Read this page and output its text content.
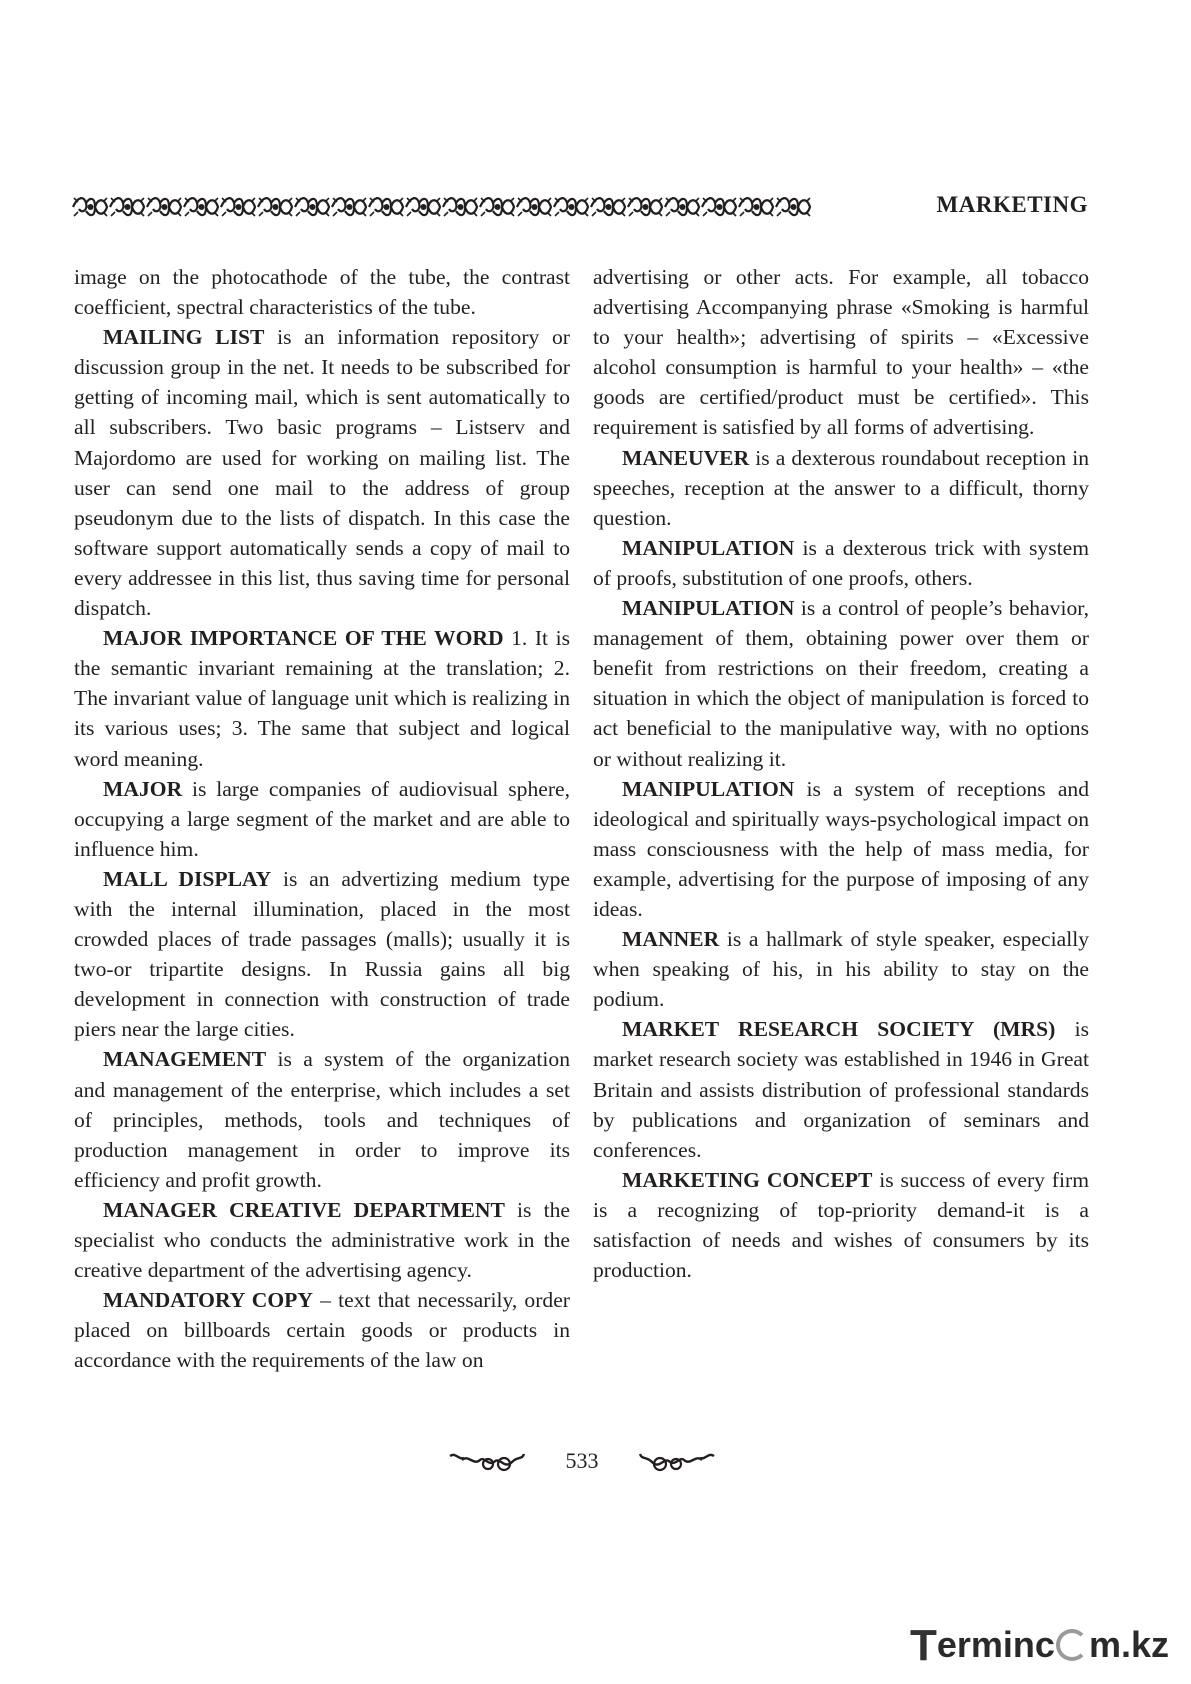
MARKETING

image on the photocathode of the tube, the contrast coefficient, spectral characteristics of the tube.

MAILING LIST is an information repository or discussion group in the net. It needs to be subscribed for getting of incoming mail, which is sent automatically to all subscribers. Two basic programs – Listserv and Majordomo are used for working on mailing list. The user can send one mail to the address of group pseudonym due to the lists of dispatch. In this case the software support automatically sends a copy of mail to every addressee in this list, thus saving time for personal dispatch.

MAJOR IMPORTANCE OF THE WORD 1. It is the semantic invariant remaining at the translation; 2. The invariant value of language unit which is realizing in its various uses; 3. The same that subject and logical word meaning.

MAJOR is large companies of audiovisual sphere, occupying a large segment of the market and are able to influence him.

MALL DISPLAY is an advertizing medium type with the internal illumination, placed in the most crowded places of trade passages (malls); usually it is two-or tripartite designs. In Russia gains all big development in connection with construction of trade piers near the large cities.

MANAGEMENT is a system of the organization and management of the enterprise, which includes a set of principles, methods, tools and techniques of production management in order to improve its efficiency and profit growth.

MANAGER CREATIVE DEPARTMENT is the specialist who conducts the administrative work in the creative department of the advertising agency.

MANDATORY COPY – text that necessarily, order placed on billboards certain goods or products in accordance with the requirements of the law on

advertising or other acts. For example, all tobacco advertising Accompanying phrase «Smoking is harmful to your health»; advertising of spirits – «Excessive alcohol consumption is harmful to your health» – «the goods are certified/product must be certified». This requirement is satisfied by all forms of advertising.

MANEUVER is a dexterous roundabout reception in speeches, reception at the answer to a difficult, thorny question.

MANIPULATION is a dexterous trick with system of proofs, substitution of one proofs, others.

MANIPULATION is a control of people’s behavior, management of them, obtaining power over them or benefit from restrictions on their freedom, creating a situation in which the object of manipulation is forced to act beneficial to the manipulative way, with no options or without realizing it.

MANIPULATION is a system of receptions and ideological and spiritually ways-psychological impact on mass consciousness with the help of mass media, for example, advertising for the purpose of imposing of any ideas.

MANNER is a hallmark of style speaker, especially when speaking of his, in his ability to stay on the podium.

MARKET RESEARCH SOCIETY (MRS) is market research society was established in 1946 in Great Britain and assists distribution of professional standards by publications and organization of seminars and conferences.

MARKETING CONCEPT is success of every firm is a recognizing of top-priority demand-it is a satisfaction of needs and wishes of consumers by its production.

533
Terminc m.kz
